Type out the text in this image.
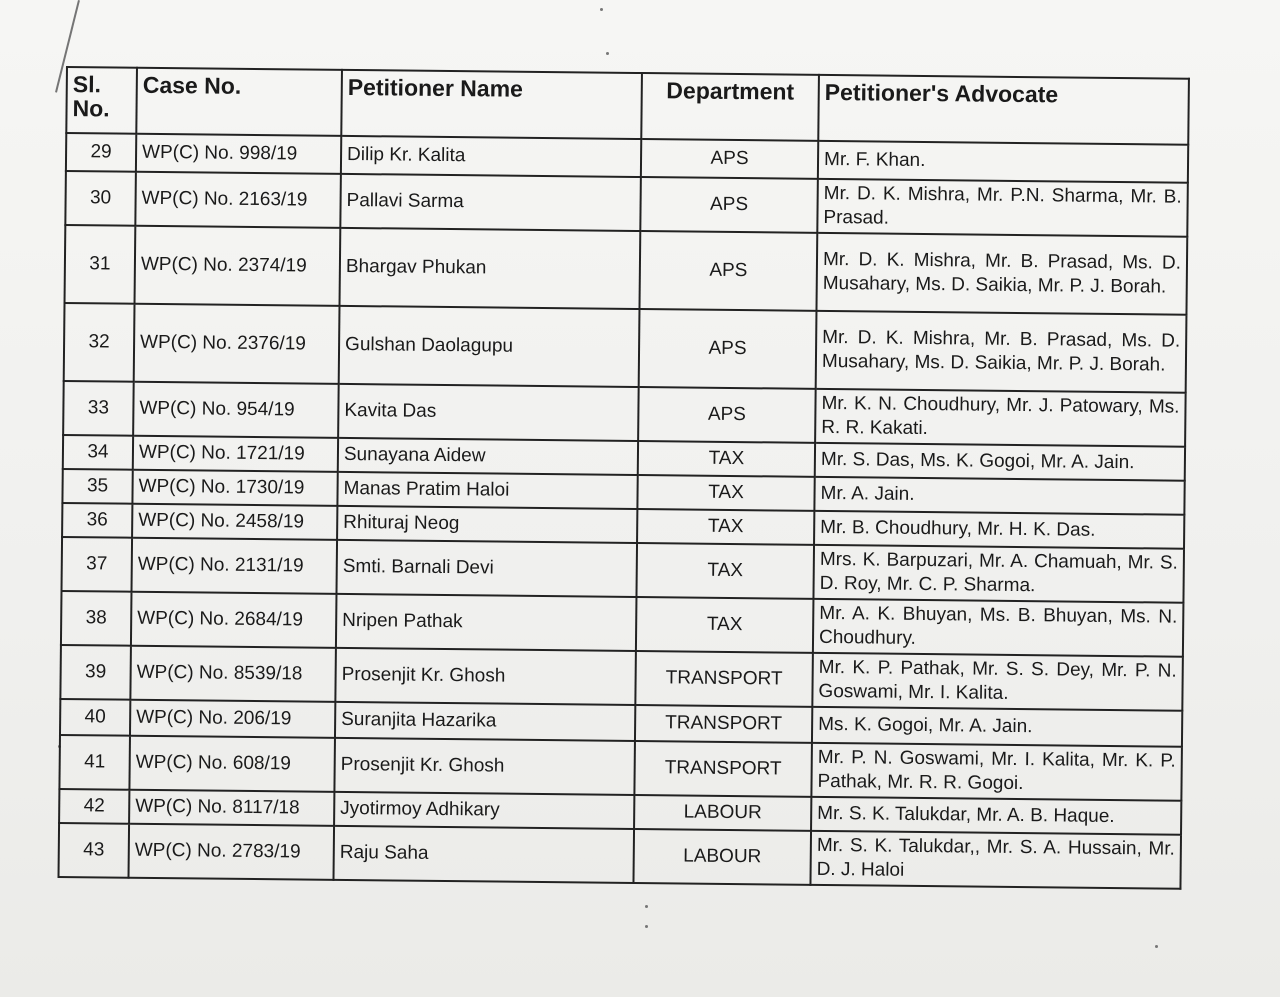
Sl. No.	Case No.	Petitioner Name	Department	Petitioner's Advocate
29	WP(C) No. 998/19	Dilip Kr. Kalita	APS	Mr. F. Khan.
30	WP(C) No. 2163/19	Pallavi Sarma	APS	Mr. D. K. Mishra, Mr. P.N. Sharma, Mr. B. Prasad.
31	WP(C) No. 2374/19	Bhargav Phukan	APS	Mr. D. K. Mishra, Mr. B. Prasad, Ms. D. Musahary, Ms. D. Saikia, Mr. P. J. Borah.
32	WP(C) No. 2376/19	Gulshan Daolagupu	APS	Mr. D. K. Mishra, Mr. B. Prasad, Ms. D. Musahary, Ms. D. Saikia, Mr. P. J. Borah.
33	WP(C) No. 954/19	Kavita Das	APS	Mr. K. N. Choudhury, Mr. J. Patowary, Ms. R. R. Kakati.
34	WP(C) No. 1721/19	Sunayana Aidew	TAX	Mr. S. Das, Ms. K. Gogoi, Mr. A. Jain.
35	WP(C) No. 1730/19	Manas Pratim Haloi	TAX	Mr. A. Jain.
36	WP(C) No. 2458/19	Rhituraj Neog	TAX	Mr. B. Choudhury, Mr. H. K. Das.
37	WP(C) No. 2131/19	Smti. Barnali Devi	TAX	Mrs. K. Barpuzari, Mr. A. Chamuah, Mr. S. D. Roy, Mr. C. P. Sharma.
38	WP(C) No. 2684/19	Nripen Pathak	TAX	Mr. A. K. Bhuyan, Ms. B. Bhuyan, Ms. N. Choudhury.
39	WP(C) No. 8539/18	Prosenjit Kr. Ghosh	TRANSPORT	Mr. K. P. Pathak, Mr. S. S. Dey, Mr. P. N. Goswami, Mr. I. Kalita.
40	WP(C) No. 206/19	Suranjita Hazarika	TRANSPORT	Ms. K. Gogoi, Mr. A. Jain.
41	WP(C) No. 608/19	Prosenjit Kr. Ghosh	TRANSPORT	Mr. P. N. Goswami, Mr. I. Kalita, Mr. K. P. Pathak, Mr. R. R. Gogoi.
42	WP(C) No. 8117/18	Jyotirmoy Adhikary	LABOUR	Mr. S. K. Talukdar, Mr. A. B. Haque.
43	WP(C) No. 2783/19	Raju Saha	LABOUR	Mr. S. K. Talukdar,, Mr. S. A. Hussain, Mr. D. J. Haloi
